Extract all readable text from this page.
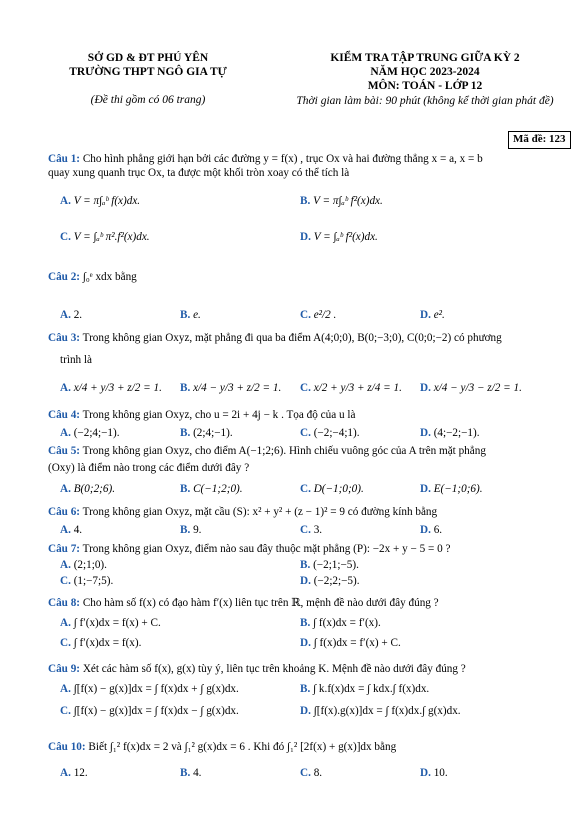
SỞ GD & ĐT PHÚ YÊN
TRƯỜNG THPT NGÔ GIA TỰ
(Đề thi gồm có 06 trang)
KIỂM TRA TẬP TRUNG GIỮA KỲ 2
NĂM HỌC 2023-2024
MÔN: TOÁN - LỚP 12
Thời gian làm bài: 90 phút (không kể thời gian phát đề)
Mã đề: 123
Câu 1: Cho hình phẳng giới hạn bởi các đường y = f(x) , trục Ox và hai đường thẳng x = a, x = b
quay xung quanh trục Ox, ta được một khối tròn xoay có thể tích là
A. V = π∫ₐᵇ f(x)dx.	B. V = π∫ₐᵇ f²(x)dx.
C. V = ∫ₐᵇ π².f²(x)dx.	D. V = ∫ₐᵇ f²(x)dx.
Câu 2: ∫₀ᵉ xdx bằng
A. 2.	B. e.	C. e²/2 .	D. e².
Câu 3: Trong không gian Oxyz, mặt phẳng đi qua ba điểm A(4;0;0), B(0;−3;0), C(0;0;−2) có phương
trình là
A. x/4 + y/3 + z/2 = 1. B. x/4 − y/3 + z/2 = 1. C. x/2 + y/3 + z/4 = 1. D. x/4 − y/3 − z/2 = 1.
Câu 4: Trong không gian Oxyz, cho u = 2i + 4j − k . Tọa độ của u là
A. (−2;4;−1).	B. (2;4;−1).	C. (−2;−4;1).	D. (4;−2;−1).
Câu 5: Trong không gian Oxyz, cho điểm A(−1;2;6). Hình chiếu vuông góc của A trên mặt phẳng
(Oxy) là điểm nào trong các điểm dưới đây ?
A. B(0;2;6).	B. C(−1;2;0).	C. D(−1;0;0).	D. E(−1;0;6).
Câu 6: Trong không gian Oxyz, mặt cầu (S): x² + y² + (z − 1)² = 9 có đường kính bằng
A. 4.	B. 9.	C. 3.	D. 6.
Câu 7: Trong không gian Oxyz, điểm nào sau đây thuộc mặt phẳng (P): −2x + y − 5 = 0 ?
A. (2;1;0).	B. (−2;1;−5).
C. (1;−7;5).	D. (−2;2;−5).
Câu 8: Cho hàm số f(x) có đạo hàm f′(x) liên tục trên ℝ, mệnh đề nào dưới đây đúng ?
A. ∫ f′(x)dx = f(x) + C.	B. ∫ f(x)dx = f′(x).
C. ∫ f′(x)dx = f(x).	D. ∫ f(x)dx = f′(x) + C.
Câu 9: Xét các hàm số f(x), g(x) tùy ý, liên tục trên khoảng K. Mệnh đề nào dưới đây đúng ?
A. ∫[f(x) − g(x)]dx = ∫ f(x)dx + ∫ g(x)dx.	B. ∫ k.f(x)dx = ∫ kdx.∫ f(x)dx.
C. ∫[f(x) − g(x)]dx = ∫ f(x)dx − ∫ g(x)dx.	D. ∫[f(x).g(x)]dx = ∫ f(x)dx.∫ g(x)dx.
Câu 10: Biết ∫₁² f(x)dx = 2 và ∫₁² g(x)dx = 6 . Khi đó ∫₁² [2f(x) + g(x)]dx bằng
A. 12.	B. 4.	C. 8.	D. 10.
